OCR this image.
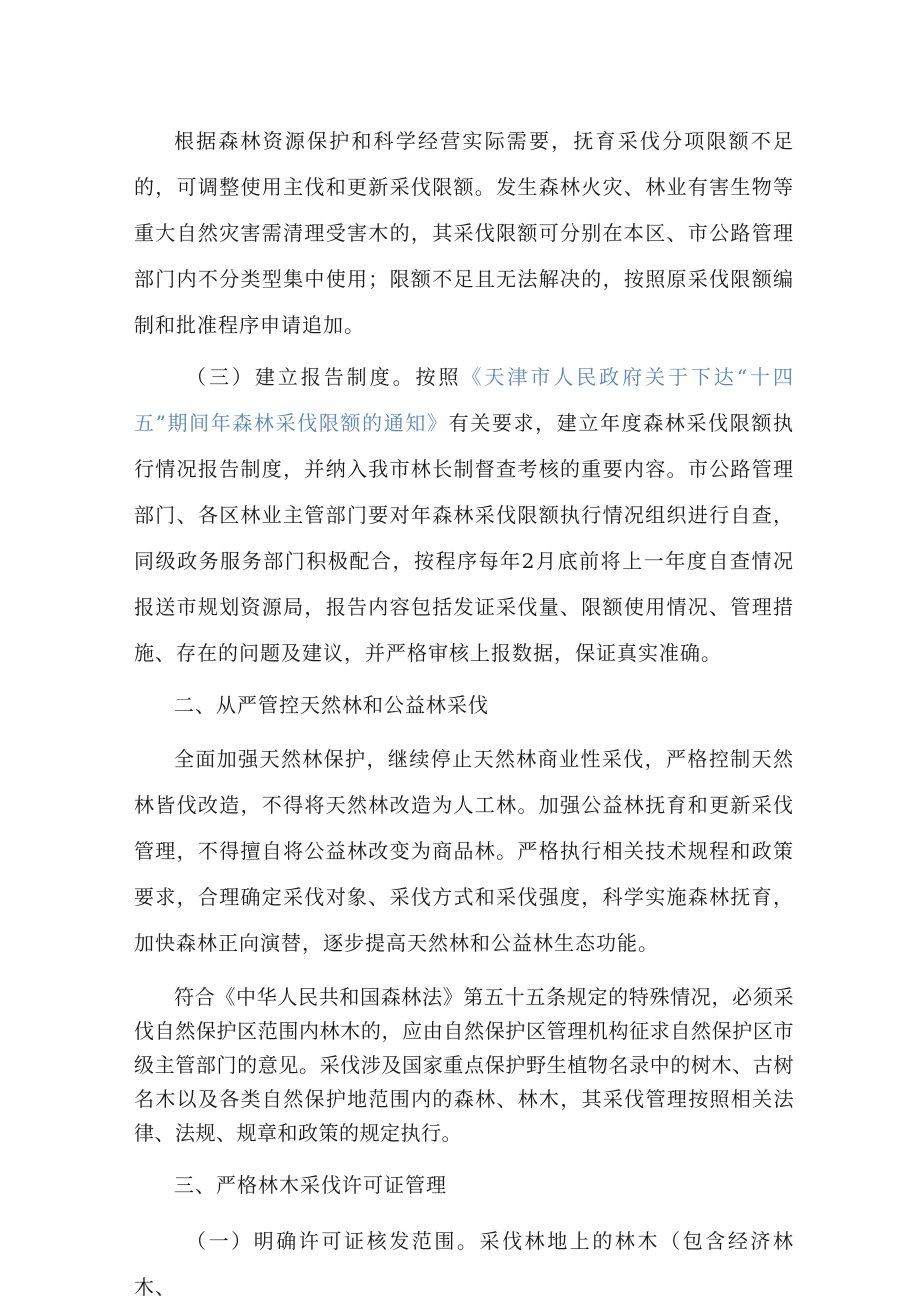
根据森林资源保护和科学经营实际需要，抚育采伐分项限额不足的，可调整使用主伐和更新采伐限额。发生森林火灾、林业有害生物等重大自然灾害需清理受害木的，其采伐限额可分别在本区、市公路管理部门内不分类型集中使用；限额不足且无法解决的，按照原采伐限额编制和批准程序申请追加。

（三）建立报告制度。按照《天津市人民政府关于下达“十四五”期间年森林采伐限额的通知》有关要求，建立年度森林采伐限额执行情况报告制度，并纳入我市林长制督查考核的重要内容。市公路管理部门、各区林业主管部门要对年森林采伐限额执行情况组织进行自查，同级政务服务部门积极配合，按程序每年2月底前将上一年度自查情况报送市规划资源局，报告内容包括发证采伐量、限额使用情况、管理措施、存在的问题及建议，并严格审核上报数据，保证真实准确。

二、从严管控天然林和公益林采伐

全面加强天然林保护，继续停止天然林商业性采伐，严格控制天然林皆伐改造，不得将天然林改造为人工林。加强公益林抚育和更新采伐管理，不得擅自将公益林改变为商品林。严格执行相关技术规程和政策要求，合理确定采伐对象、采伐方式和采伐强度，科学实施森林抚育，加快森林正向演替，逐步提高天然林和公益林生态功能。

符合《中华人民共和国森林法》第五十五条规定的特殊情况，必须采伐自然保护区范围内林木的，应由自然保护区管理机构征求自然保护区市级主管部门的意见。采伐涉及国家重点保护野生植物名录中的树木、古树名木以及各类自然保护地范围内的森林、林木，其采伐管理按照相关法律、法规、规章和政策的规定执行。

三、严格林木采伐许可证管理

（一）明确许可证核发范围。采伐林地上的林木（包含经济林木、
